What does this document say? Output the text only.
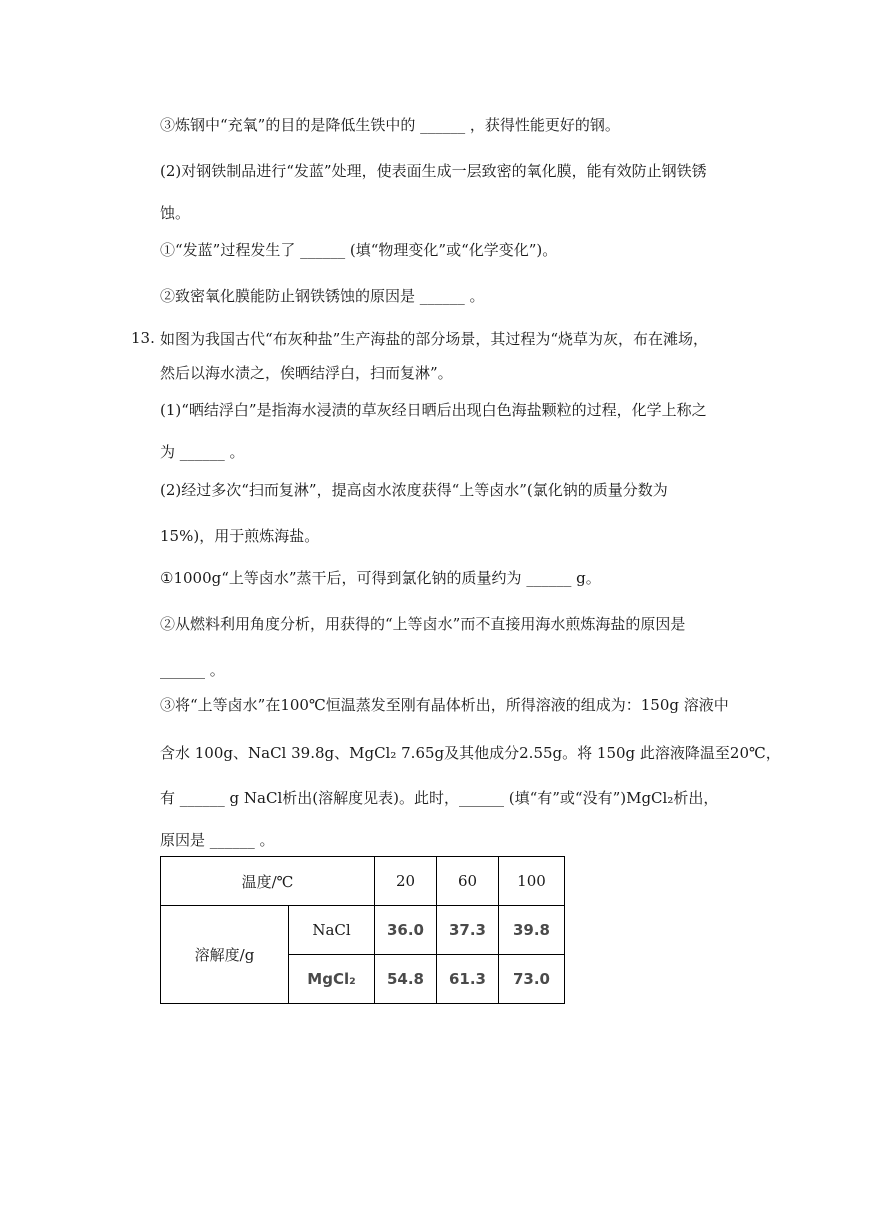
③炼钢中“充氧”的目的是降低生铁中的 ______ ，获得性能更好的钢。
(2)对钢铁制品进行“发蓝”处理，使表面生成一层致密的氧化膜，能有效防止钢铁锈
蚀。
①“发蓝”过程发生了 ______ (填“物理变化”或“化学变化”)。
②致密氧化膜能防止钢铁锈蚀的原因是 ______ 。
13. 如图为我国古代“布灰种盐”生产海盐的部分场景，其过程为“烧草为灰，布在滩场，
然后以海水渍之，俟晒结浮白，扫而复淋”。
(1)“晒结浮白”是指海水浸渍的草灰经日晒后出现白色海盐颗粒的过程，化学上称之
为 ______ 。
(2)经过多次“扫而复淋”，提高卤水浓度获得“上等卤水”(氯化钠的质量分数为
15%)，用于煎炼海盐。
①1000g“上等卤水”蒸干后，可得到氯化钠的质量约为 ______ g。
②从燃料利用角度分析，用获得的“上等卤水”而不直接用海水煎炼海盐的原因是
______ 。
③将“上等卤水”在100℃恒温蒸发至刚有晶体析出，所得溶液的组成为：150g 溶液中
含水 100g、NaCl 39.8g、MgCl₂ 7.65g及其他成分2.55g。将 150g 此溶液降温至20℃，
有 ______ g NaCl析出(溶解度见表)。此时，______ (填“有”或“没有”)MgCl₂析出，
原因是 ______ 。
温度/℃		20	60	100
溶解度/g	NaCl	36.0	37.3	39.8
	MgCl₂	54.8	61.3	73.0
